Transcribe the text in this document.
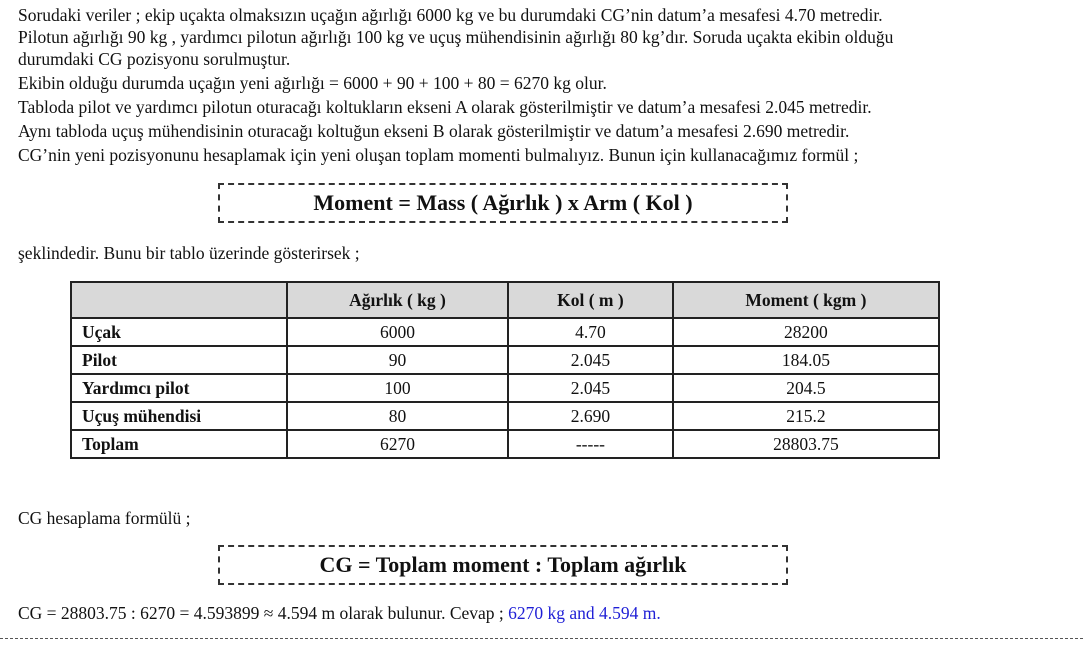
Sorudaki veriler ; ekip uçakta olmaksızın uçağın ağırlığı 6000 kg ve bu durumdaki CG’nin datum’a mesafesi 4.70 metredir.
Pilotun ağırlığı 90 kg , yardımcı pilotun ağırlığı 100 kg ve uçuş mühendisinin ağırlığı 80 kg’dır. Soruda uçakta ekibin olduğu
durumdaki CG pozisyonu sorulmuştur.
Ekibin olduğu durumda uçağın yeni ağırlığı = 6000 + 90 + 100 + 80 = 6270 kg olur.
Tabloda pilot ve yardımcı pilotun oturacağı koltukların ekseni A olarak gösterilmiştir ve datum’a mesafesi 2.045 metredir.
Aynı tabloda uçuş mühendisinin oturacağı koltuğun ekseni B olarak gösterilmiştir ve datum’a mesafesi 2.690 metredir.
CG’nin yeni pozisyonunu hesaplamak için yeni oluşan toplam momenti bulmalıyız. Bunun için kullanacağımız formül ;
Moment = Mass ( Ağırlık ) x Arm ( Kol )
şeklindedir. Bunu bir tablo üzerinde gösterirsek ;
	Ağırlık ( kg )	Kol ( m )	Moment ( kgm )
Uçak	6000	4.70	28200
Pilot	90	2.045	184.05
Yardımcı pilot	100	2.045	204.5
Uçuş mühendisi	80	2.690	215.2
Toplam	6270	-----	28803.75
CG hesaplama formülü ;
CG = Toplam moment : Toplam ağırlık
CG = 28803.75 : 6270 = 4.593899 ≈ 4.594 m olarak bulunur. Cevap ; 6270 kg and 4.594 m.
